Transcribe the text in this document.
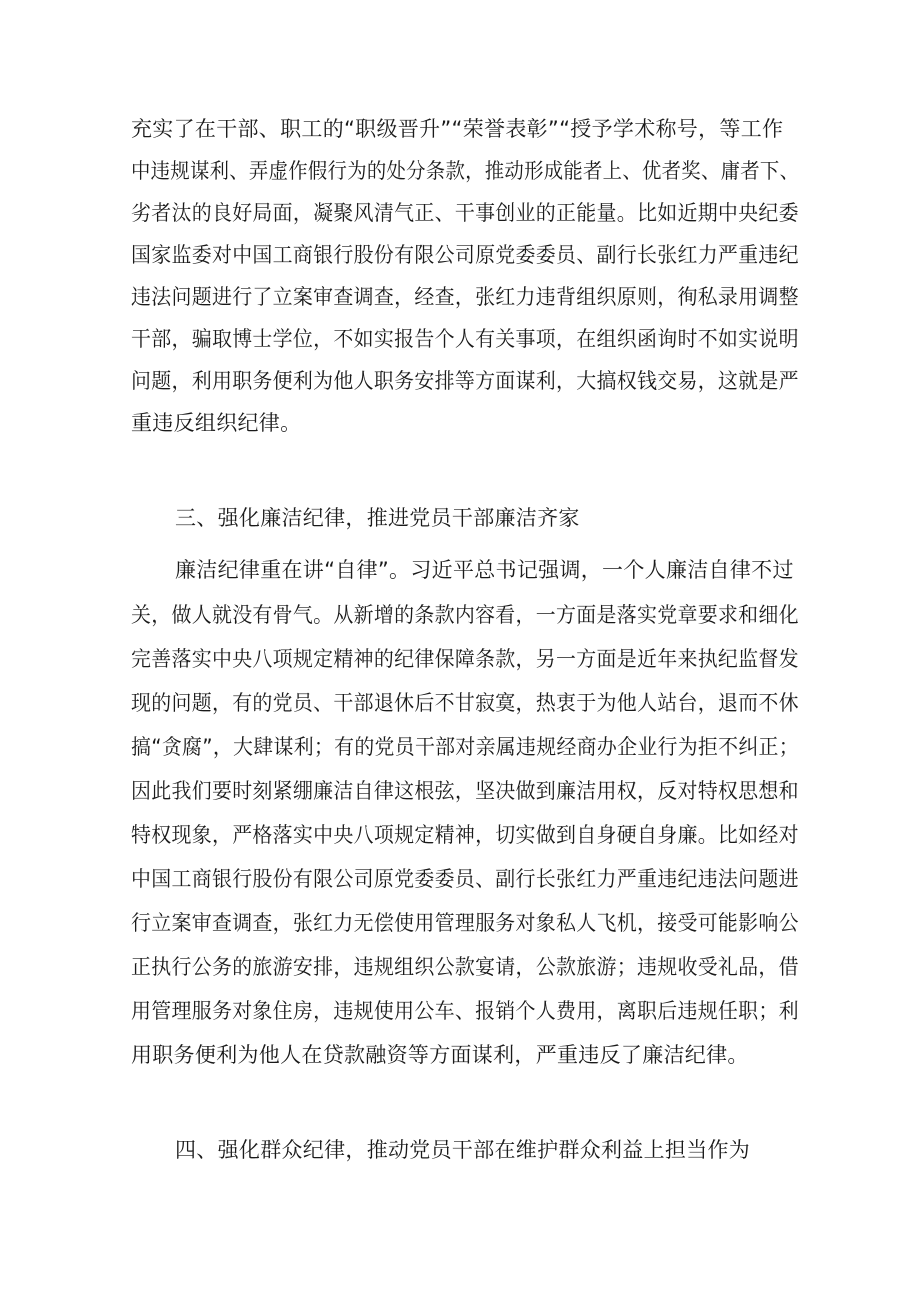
充实了在干部、职工的“职级晋升”“荣誉表彰”“授予学术称号，等工作
中违规谋利、弄虚作假行为的处分条款，推动形成能者上、优者奖、庸者下、
劣者汰的良好局面，凝聚风清气正、干事创业的正能量。比如近期中央纪委
国家监委对中国工商银行股份有限公司原党委委员、副行长张红力严重违纪
违法问题进行了立案审查调查，经查，张红力违背组织原则，徇私录用调整
干部，骗取博士学位，不如实报告个人有关事项，在组织函询时不如实说明
问题，利用职务便利为他人职务安排等方面谋利，大搞权钱交易，这就是严
重违反组织纪律。
三、强化廉洁纪律，推进党员干部廉洁齐家
廉洁纪律重在讲“自律”。习近平总书记强调，一个人廉洁自律不过
关，做人就没有骨气。从新增的条款内容看，一方面是落实党章要求和细化
完善落实中央八项规定精神的纪律保障条款，另一方面是近年来执纪监督发
现的问题，有的党员、干部退休后不甘寂寞，热衷于为他人站台，退而不休
搞“贪腐”，大肆谋利；有的党员干部对亲属违规经商办企业行为拒不纠正；
因此我们要时刻紧绷廉洁自律这根弦，坚决做到廉洁用权，反对特权思想和
特权现象，严格落实中央八项规定精神，切实做到自身硬自身廉。比如经对
中国工商银行股份有限公司原党委委员、副行长张红力严重违纪违法问题进
行立案审查调查，张红力无偿使用管理服务对象私人飞机，接受可能影响公
正执行公务的旅游安排，违规组织公款宴请，公款旅游；违规收受礼品，借
用管理服务对象住房，违规使用公车、报销个人费用，离职后违规任职；利
用职务便利为他人在贷款融资等方面谋利，严重违反了廉洁纪律。
四、强化群众纪律，推动党员干部在维护群众利益上担当作为
